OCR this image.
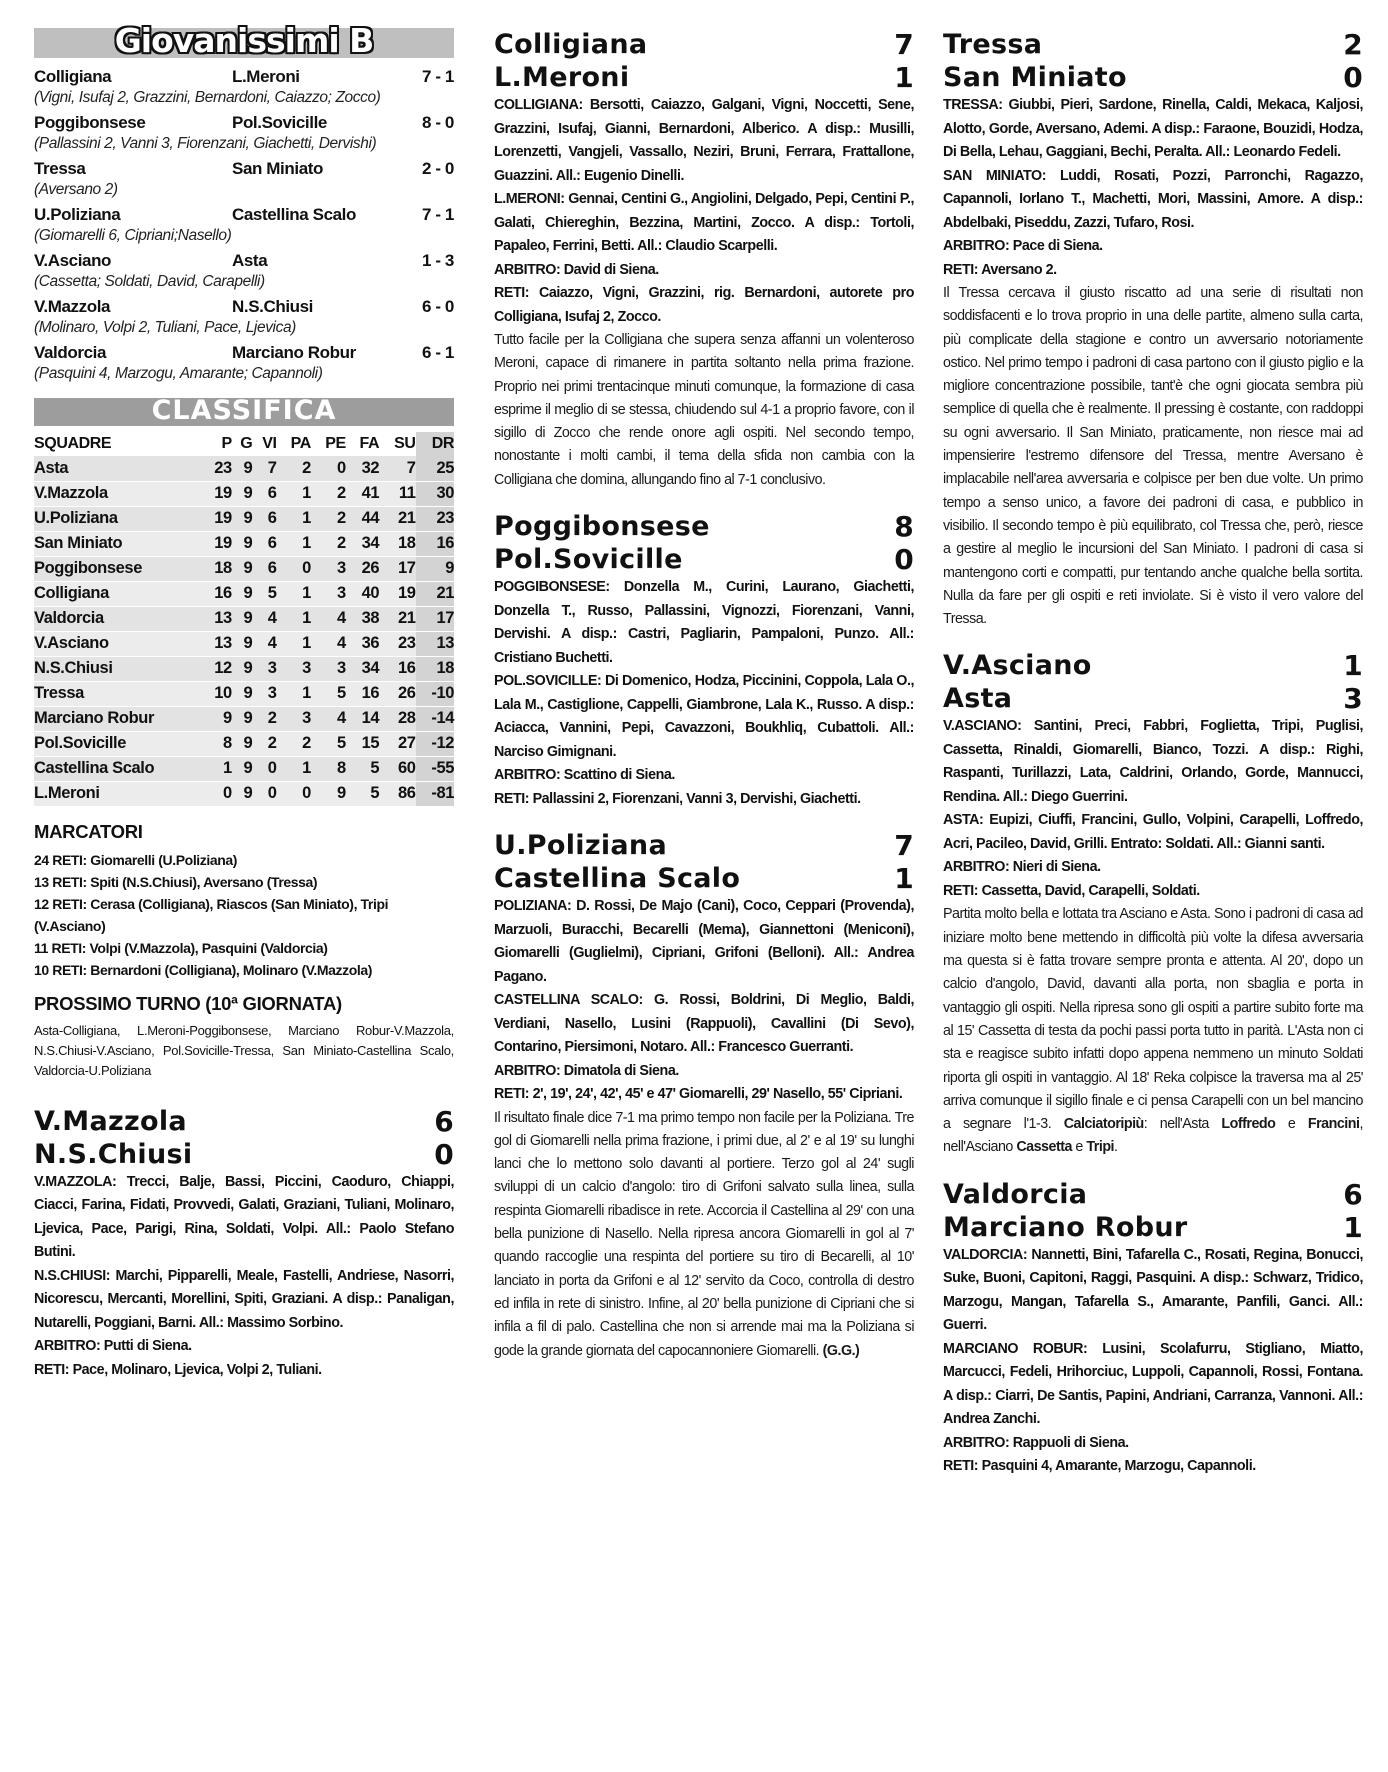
Giovanissimi B
Colligiana	L.Meroni	7 - 1
(Vigni, Isufaj 2, Grazzini, Bernardoni, Caiazzo; Zocco)
Poggibonsese	Pol.Sovicille	8 - 0
(Pallassini 2, Vanni 3, Fiorenzani, Giachetti, Dervishi)
Tressa	San Miniato	2 - 0
(Aversano 2)
U.Poliziana	Castellina Scalo	7 - 1
(Giomarelli 6, Cipriani;Nasello)
V.Asciano	Asta	1 - 3
(Cassetta; Soldati, David, Carapelli)
V.Mazzola	N.S.Chiusi	6 - 0
(Molinaro, Volpi 2, Tuliani, Pace, Ljevica)
Valdorcia	Marciano Robur	6 - 1
(Pasquini 4, Marzogu, Amarante; Capannoli)
CLASSIFICA
SQUADRE	P	G	VI	PA	PE	FA	SU	DR
Asta	23	9	7	2	0	32	7	25
V.Mazzola	19	9	6	1	2	41	11	30
U.Poliziana	19	9	6	1	2	44	21	23
San Miniato	19	9	6	1	2	34	18	16
Poggibonsese	18	9	6	0	3	26	17	9
Colligiana	16	9	5	1	3	40	19	21
Valdorcia	13	9	4	1	4	38	21	17
V.Asciano	13	9	4	1	4	36	23	13
N.S.Chiusi	12	9	3	3	3	34	16	18
Tressa	10	9	3	1	5	16	26	-10
Marciano Robur	9	9	2	3	4	14	28	-14
Pol.Sovicille	8	9	2	2	5	15	27	-12
Castellina Scalo	1	9	0	1	8	5	60	-55
L.Meroni	0	9	0	0	9	5	86	-81
MARCATORI
24 RETI: Giomarelli (U.Poliziana)
13 RETI: Spiti (N.S.Chiusi), Aversano (Tressa)
12 RETI: Cerasa (Colligiana), Riascos (San Miniato), Tripi (V.Asciano)
11 RETI: Volpi (V.Mazzola), Pasquini (Valdorcia)
10 RETI: Bernardoni (Colligiana), Molinaro (V.Mazzola)
PROSSIMO TURNO (10ª GIORNATA)
Asta-Colligiana, L.Meroni-Poggibonsese, Marciano Robur-V.Mazzola, N.S.Chiusi-V.Asciano, Pol.Sovicille-Tressa, San Miniato-Castellina Scalo, Valdorcia-U.Poliziana
V.Mazzola	6
N.S.Chiusi	0
V.MAZZOLA: Trecci, Balje, Bassi, Piccini, Caoduro, Chiappi, Ciacci, Farina, Fidati, Provvedi, Galati, Graziani, Tuliani, Molinaro, Ljevica, Pace, Parigi, Rina, Soldati, Volpi. All.: Paolo Stefano Butini.
N.S.CHIUSI: Marchi, Pipparelli, Meale, Fastelli, Andriese, Nasorri, Nicorescu, Mercanti, Morellini, Spiti, Graziani. A disp.: Panaligan, Nutarelli, Poggiani, Barni. All.: Massimo Sorbino.
ARBITRO: Putti di Siena.
RETI: Pace, Molinaro, Ljevica, Volpi 2, Tuliani.
Colligiana	7
L.Meroni	1
COLLIGIANA: Bersotti, Caiazzo, Galgani, Vigni, Noccetti, Sene, Grazzini, Isufaj, Gianni, Bernardoni, Alberico. A disp.: Musilli, Lorenzetti, Vangjeli, Vassallo, Neziri, Bruni, Ferrara, Frattallone, Guazzini. All.: Eugenio Dinelli.
L.MERONI: Gennai, Centini G., Angiolini, Delgado, Pepi, Centini P., Galati, Chiereghin, Bezzina, Martini, Zocco. A disp.: Tortoli, Papaleo, Ferrini, Betti. All.: Claudio Scarpelli.
ARBITRO: David di Siena.
RETI: Caiazzo, Vigni, Grazzini, rig. Bernardoni, autorete pro Colligiana, Isufaj 2, Zocco.
Tutto facile per la Colligiana che supera senza affanni un volenteroso Meroni, capace di rimanere in partita soltanto nella prima frazione. Proprio nei primi trentacinque minuti comunque, la formazione di casa esprime il meglio di se stessa, chiudendo sul 4-1 a proprio favore, con il sigillo di Zocco che rende onore agli ospiti. Nel secondo tempo, nonostante i molti cambi, il tema della sfida non cambia con la Colligiana che domina, allungando fino al 7-1 conclusivo.
Poggibonsese	8
Pol.Sovicille	0
POGGIBONSESE: Donzella M., Curini, Laurano, Giachetti, Donzella T., Russo, Pallassini, Vignozzi, Fiorenzani, Vanni, Dervishi. A disp.: Castri, Pagliarin, Pampaloni, Punzo. All.: Cristiano Buchetti.
POL.SOVICILLE: Di Domenico, Hodza, Piccinini, Coppola, Lala O., Lala M., Castiglione, Cappelli, Giambrone, Lala K., Russo. A disp.: Aciacca, Vannini, Pepi, Cavazzoni, Boukhliq, Cubattoli. All.: Narciso Gimignani.
ARBITRO: Scattino di Siena.
RETI: Pallassini 2, Fiorenzani, Vanni 3, Dervishi, Giachetti.
U.Poliziana	7
Castellina Scalo	1
POLIZIANA: D. Rossi, De Majo (Cani), Coco, Ceppari (Provenda), Marzuoli, Buracchi, Becarelli (Mema), Giannettoni (Meniconi), Giomarelli (Guglielmi), Cipriani, Grifoni (Belloni). All.: Andrea Pagano.
CASTELLINA SCALO: G. Rossi, Boldrini, Di Meglio, Baldi, Verdiani, Nasello, Lusini (Rappuoli), Cavallini (Di Sevo), Contarino, Piersimoni, Notaro. All.: Francesco Guerranti.
ARBITRO: Dimatola di Siena.
RETI: 2', 19', 24', 42', 45' e 47' Giomarelli, 29' Nasello, 55' Cipriani.
Il risultato finale dice 7-1 ma primo tempo non facile per la Poliziana. Tre gol di Giomarelli nella prima frazione, i primi due, al 2' e al 19' su lunghi lanci che lo mettono solo davanti al portiere. Terzo gol al 24' sugli sviluppi di un calcio d'angolo: tiro di Grifoni salvato sulla linea, sulla respinta Giomarelli ribadisce in rete. Accorcia il Castellina al 29' con una bella punizione di Nasello. Nella ripresa ancora Giomarelli in gol al 7' quando raccoglie una respinta del portiere su tiro di Becarelli, al 10' lanciato in porta da Grifoni e al 12' servito da Coco, controlla di destro ed infila in rete di sinistro. Infine, al 20' bella punizione di Cipriani che si infila a fil di palo. Castellina che non si arrende mai ma la Poliziana si gode la grande giornata del capocannoniere Giomarelli. (G.G.)
Tressa	2
San Miniato	0
TRESSA: Giubbi, Pieri, Sardone, Rinella, Caldi, Mekaca, Kaljosi, Alotto, Gorde, Aversano, Ademi. A disp.: Faraone, Bouzidi, Hodza, Di Bella, Lehau, Gaggiani, Bechi, Peralta. All.: Leonardo Fedeli.
SAN MINIATO: Luddi, Rosati, Pozzi, Parronchi, Ragazzo, Capannoli, Iorlano T., Machetti, Mori, Massini, Amore. A disp.: Abdelbaki, Piseddu, Zazzi, Tufaro, Rosi.
ARBITRO: Pace di Siena.
RETI: Aversano 2.
Il Tressa cercava il giusto riscatto ad una serie di risultati non soddisfacenti e lo trova proprio in una delle partite, almeno sulla carta, più complicate della stagione e contro un avversario notoriamente ostico. Nel primo tempo i padroni di casa partono con il giusto piglio e la migliore concentrazione possibile, tant'è che ogni giocata sembra più semplice di quella che è realmente. Il pressing è costante, con raddoppi su ogni avversario. Il San Miniato, praticamente, non riesce mai ad impensierire l'estremo difensore del Tressa, mentre Aversano è implacabile nell'area avversaria e colpisce per ben due volte. Un primo tempo a senso unico, a favore dei padroni di casa, e pubblico in visibilio. Il secondo tempo è più equilibrato, col Tressa che, però, riesce a gestire al meglio le incursioni del San Miniato. I padroni di casa si mantengono corti e compatti, pur tentando anche qualche bella sortita. Nulla da fare per gli ospiti e reti inviolate. Si è visto il vero valore del Tressa.
V.Asciano	1
Asta	3
V.ASCIANO: Santini, Preci, Fabbri, Foglietta, Tripi, Puglisi, Cassetta, Rinaldi, Giomarelli, Bianco, Tozzi. A disp.: Righi, Raspanti, Turillazzi, Lata, Caldrini, Orlando, Gorde, Mannucci, Rendina. All.: Diego Guerrini.
ASTA: Eupizi, Ciuffi, Francini, Gullo, Volpini, Carapelli, Loffredo, Acri, Pacileo, David, Grilli. Entrato: Soldati. All.: Gianni santi.
ARBITRO: Nieri di Siena.
RETI: Cassetta, David, Carapelli, Soldati.
Partita molto bella e lottata tra Asciano e Asta. Sono i padroni di casa ad iniziare molto bene mettendo in difficoltà più volte la difesa avversaria ma questa si è fatta trovare sempre pronta e attenta. Al 20', dopo un calcio d'angolo, David, davanti alla porta, non sbaglia e porta in vantaggio gli ospiti. Nella ripresa sono gli ospiti a partire subito forte ma al 15' Cassetta di testa da pochi passi porta tutto in parità. L'Asta non ci sta e reagisce subito infatti dopo appena nemmeno un minuto Soldati riporta gli ospiti in vantaggio. Al 18' Reka colpisce la traversa ma al 25' arriva comunque il sigillo finale e ci pensa Carapelli con un bel mancino a segnare l'1-3. Calciatoripiù: nell'Asta Loffredo e Francini, nell'Asciano Cassetta e Tripi.
Valdorcia	6
Marciano Robur	1
VALDORCIA: Nannetti, Bini, Tafarella C., Rosati, Regina, Bonucci, Suke, Buoni, Capitoni, Raggi, Pasquini. A disp.: Schwarz, Tridico, Marzogu, Mangan, Tafarella S., Amarante, Panfili, Ganci. All.: Guerri.
MARCIANO ROBUR: Lusini, Scolafurru, Stigliano, Miatto, Marcucci, Fedeli, Hrihorciuc, Luppoli, Capannoli, Rossi, Fontana. A disp.: Ciarri, De Santis, Papini, Andriani, Carranza, Vannoni. All.: Andrea Zanchi.
ARBITRO: Rappuoli di Siena.
RETI: Pasquini 4, Amarante, Marzogu, Capannoli.
